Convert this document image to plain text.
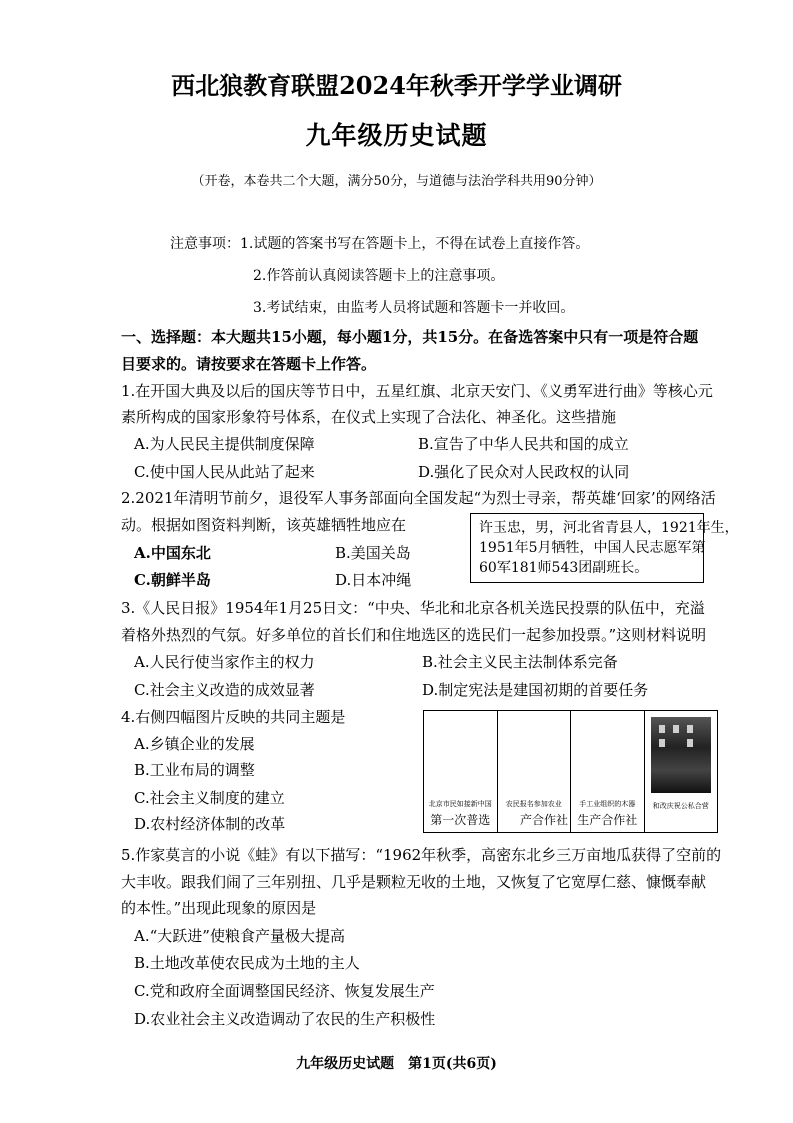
西北狼教育联盟2024年秋季开学学业调研
九年级历史试题
（开卷，本卷共二个大题，满分50分，与道德与法治学科共用90分钟）
注意事项： 1.试题的答案书写在答题卡上，不得在试卷上直接作答。
2.作答前认真阅读答题卡上的注意事项。
3.考试结束，由监考人员将试题和答题卡一并收回。
一、选择题：本大题共15小题，每小题1分，共15分。在备选答案中只有一项是符合题
目要求的。请按要求在答题卡上作答。
1.在开国大典及以后的国庆等节日中，五星红旗、北京天安门、《义勇军进行曲》等核心元
素所构成的国家形象符号体系，在仪式上实现了合法化、神圣化。这些措施
A.为人民民主提供制度保障	B.宣告了中华人民共和国的成立
C.使中国人民从此站了起来	D.强化了民众对人民政权的认同
2.2021年清明节前夕，退役军人事务部面向全国发起“为烈士寻亲，帮英雄‘回家’的网络活
动。根据如图资料判断，该英雄牺牲地应在
A.中国东北	B.美国关岛
C.朝鲜半岛	D.日本冲绳
许玉忠，男，河北省青县人，1921年生，
1951年5月牺牲，中国人民志愿军第
60军181师543团副班长。
3.《人民日报》1954年1月25日文：“中央、华北和北京各机关选民投票的队伍中，充溢
着格外热烈的气氛。好多单位的首长们和住地选区的选民们一起参加投票。”这则材料说明
A.人民行使当家作主的权力	B.社会主义民主法制体系完备
C.社会主义改造的成效显著	D.制定宪法是建国初期的首要任务
4.右侧四幅图片反映的共同主题是
A.乡镇企业的发展
B.工业布局的调整
C.社会主义制度的建立
D.农村经济体制的改革
北京市民如接新中国
第一次普选
农民报名参加农业
产合作社
手工业组织的木器
生产合作社
和改庆祝公私合营
5.作家莫言的小说《蛙》有以下描写：“1962年秋季，高密东北乡三万亩地瓜获得了空前的
大丰收。跟我们闹了三年别扭、几乎是颗粒无收的土地，又恢复了它宽厚仁慈、慷慨奉献
的本性。”出现此现象的原因是
A.“大跃进”使粮食产量极大提高
B.土地改革使农民成为土地的主人
C.党和政府全面调整国民经济、恢复发展生产
D.农业社会主义改造调动了农民的生产积极性
九年级历史试题　第1页(共6页)
